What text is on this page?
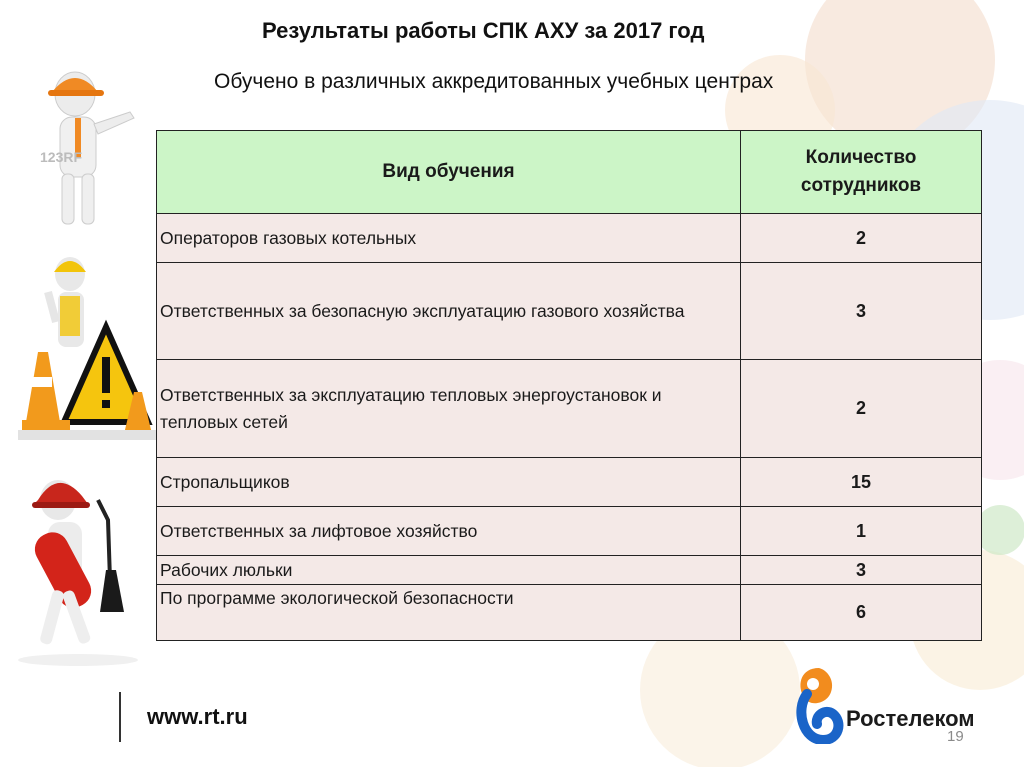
123RF
Результаты работы СПК АХУ за 2017 год
Обучено в различных аккредитованных учебных центрах
Вид обучения	Количество сотрудников
Операторов газовых котельных	2
Ответственных за безопасную эксплуатацию газового хозяйства	3
Ответственных за эксплуатацию тепловых энергоустановок и тепловых сетей	2
Стропальщиков	15
Ответственных за лифтовое хозяйство	1
Рабочих люльки	3
По программе экологической безопасности	6
www.rt.ru	Ростелеком
19
